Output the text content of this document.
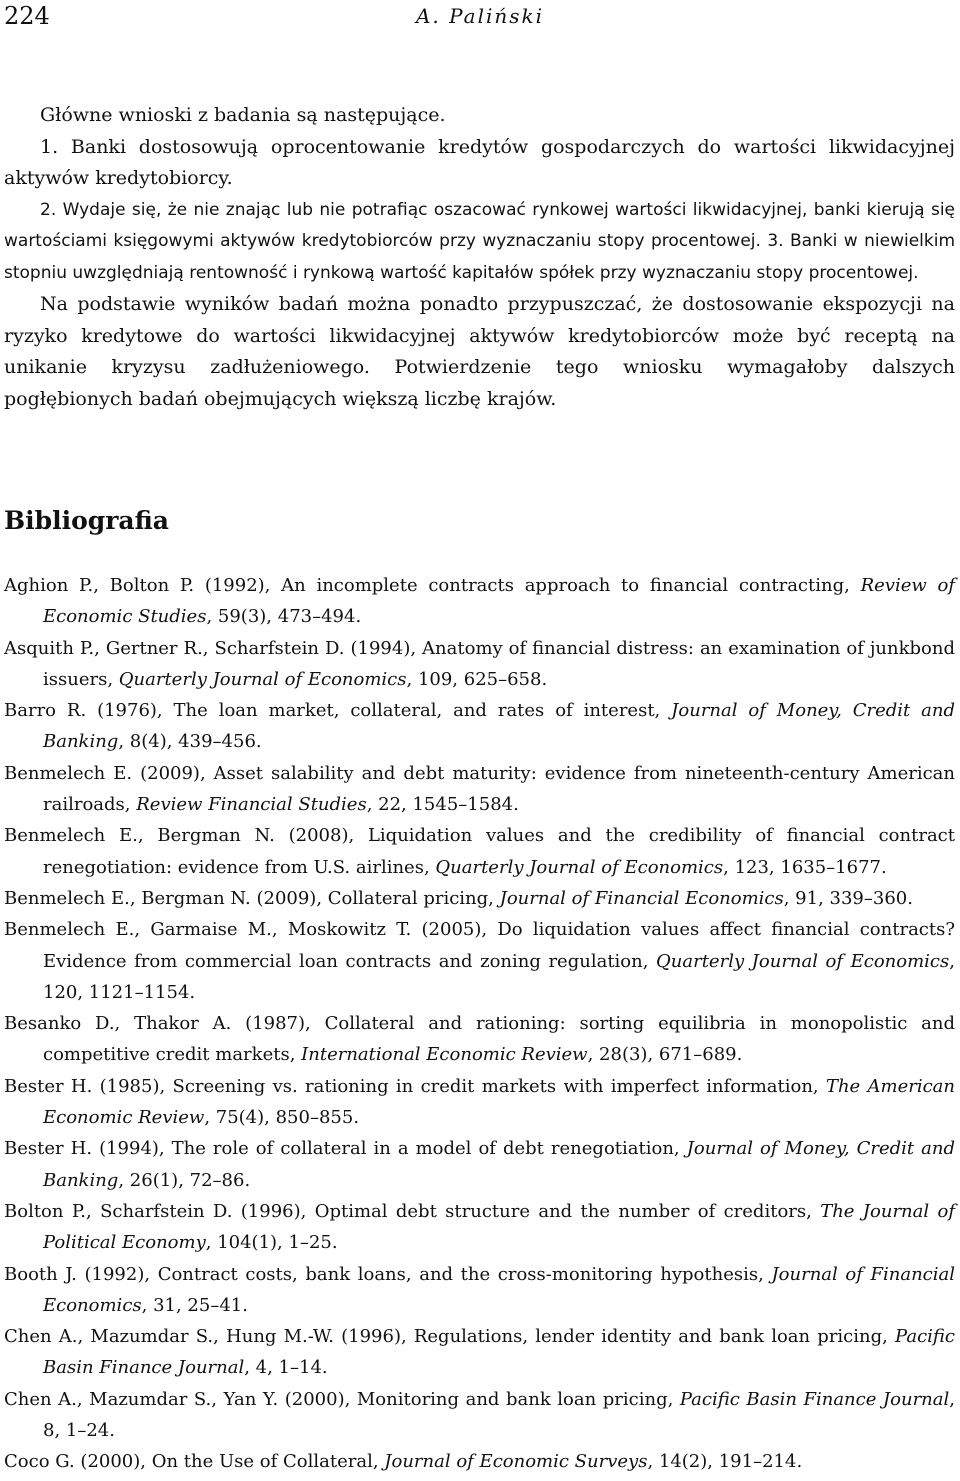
224	A. Paliński

Główne wnioski z badania są następujące.

1. Banki dostosowują oprocentowanie kredytów gospodarczych do wartości likwidacyjnej aktywów kredytobiorcy.

2. Wydaje się, że nie znając lub nie potrafiąc oszacować rynkowej wartości likwidacyjnej, banki kierują się wartościami księgowymi aktywów kredytobiorców przy wyznaczaniu stopy procentowej. 3. Banki w niewielkim stopniu uwzględniają rentowność i rynkową wartość kapitałów spółek przy wyznaczaniu stopy procentowej.

Na podstawie wyników badań można ponadto przypuszczać, że dostosowanie ekspozycji na ryzyko kredytowe do wartości likwidacyjnej aktywów kredytobiorców może być receptą na unikanie kryzysu zadłużeniowego. Potwierdzenie tego wniosku wymagałoby dalszych pogłębionych badań obejmujących większą liczbę krajów.

Bibliografia
Aghion P., Bolton P. (1992), An incomplete contracts approach to financial contracting, Review of Economic Studies, 59(3), 473–494.
Asquith P., Gertner R., Scharfstein D. (1994), Anatomy of financial distress: an examination of junkbond issuers, Quarterly Journal of Economics, 109, 625–658.
Barro R. (1976), The loan market, collateral, and rates of interest, Journal of Money, Credit and Banking, 8(4), 439–456.
Benmelech E. (2009), Asset salability and debt maturity: evidence from nineteenth-century American railroads, Review Financial Studies, 22, 1545–1584.
Benmelech E., Bergman N. (2008), Liquidation values and the credibility of financial contract renegotiation: evidence from U.S. airlines, Quarterly Journal of Economics, 123, 1635–1677.
Benmelech E., Bergman N. (2009), Collateral pricing, Journal of Financial Economics, 91, 339–360.
Benmelech E., Garmaise M., Moskowitz T. (2005), Do liquidation values affect financial contracts? Evidence from commercial loan contracts and zoning regulation, Quarterly Journal of Economics, 120, 1121–1154.
Besanko D., Thakor A. (1987), Collateral and rationing: sorting equilibria in monopolistic and competitive credit markets, International Economic Review, 28(3), 671–689.
Bester H. (1985), Screening vs. rationing in credit markets with imperfect information, The American Economic Review, 75(4), 850–855.
Bester H. (1994), The role of collateral in a model of debt renegotiation, Journal of Money, Credit and Banking, 26(1), 72–86.
Bolton P., Scharfstein D. (1996), Optimal debt structure and the number of creditors, The Journal of Political Economy, 104(1), 1–25.
Booth J. (1992), Contract costs, bank loans, and the cross-monitoring hypothesis, Journal of Financial Economics, 31, 25–41.
Chen A., Mazumdar S., Hung M.-W. (1996), Regulations, lender identity and bank loan pricing, Pacific Basin Finance Journal, 4, 1–14.
Chen A., Mazumdar S., Yan Y. (2000), Monitoring and bank loan pricing, Pacific Basin Finance Journal, 8, 1–24.
Coco G. (2000), On the Use of Collateral, Journal of Economic Surveys, 14(2), 191–214.
